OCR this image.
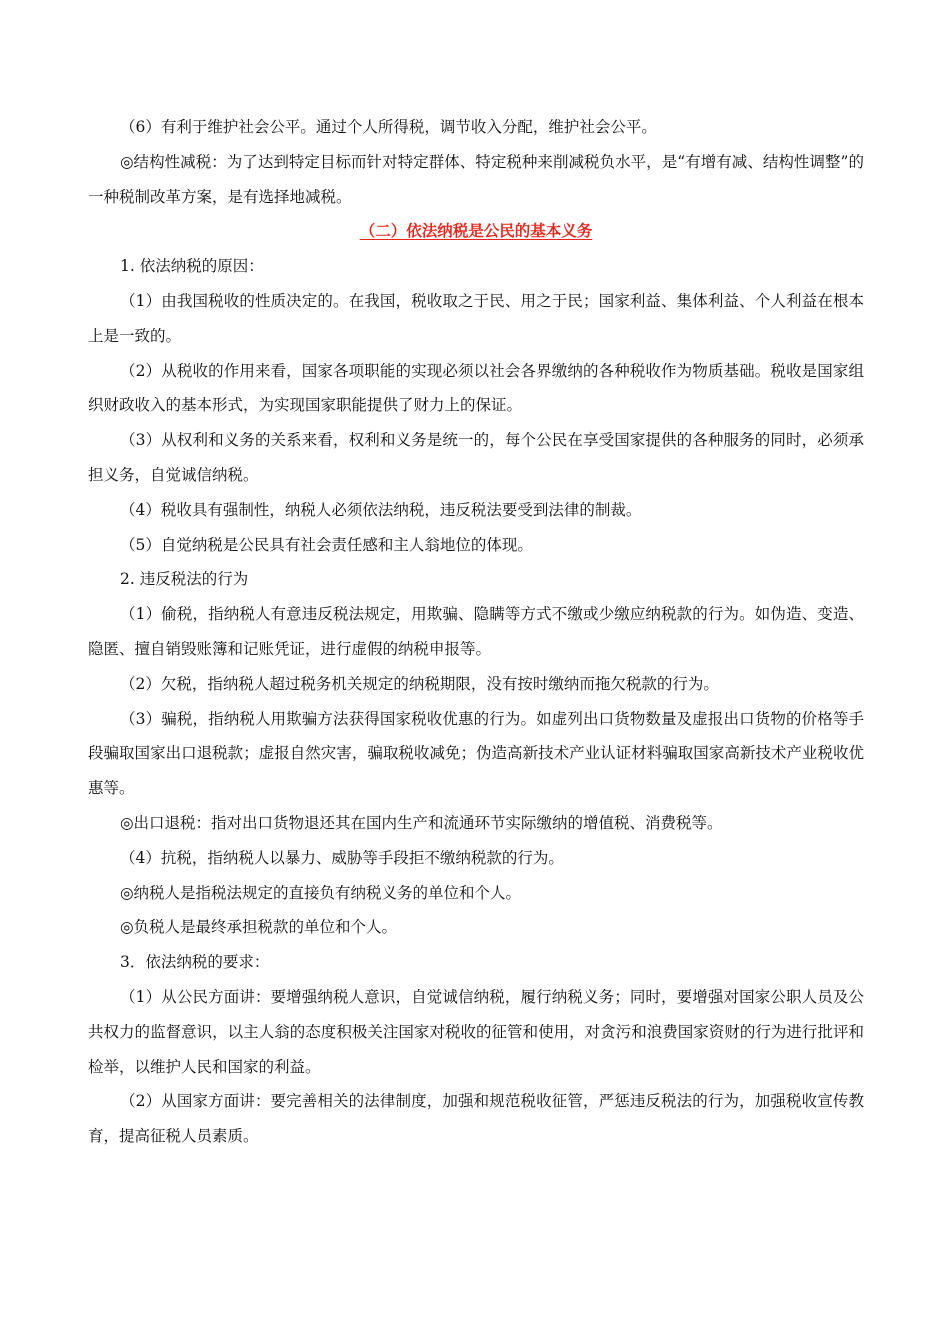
（6）有利于维护社会公平。通过个人所得税，调节收入分配，维护社会公平。

◎结构性减税：为了达到特定目标而针对特定群体、特定税种来削减税负水平，是“有增有减、结构性调整”的一种税制改革方案，是有选择地减税。

（二）依法纳税是公民的基本义务

1. 依法纳税的原因：

（1）由我国税收的性质决定的。在我国，税收取之于民、用之于民；国家利益、集体利益、个人利益在根本上是一致的。

（2）从税收的作用来看，国家各项职能的实现必须以社会各界缴纳的各种税收作为物质基础。税收是国家组织财政收入的基本形式，为实现国家职能提供了财力上的保证。

（3）从权利和义务的关系来看，权利和义务是统一的，每个公民在享受国家提供的各种服务的同时，必须承担义务，自觉诚信纳税。

（4）税收具有强制性，纳税人必须依法纳税，违反税法要受到法律的制裁。

（5）自觉纳税是公民具有社会责任感和主人翁地位的体现。

2. 违反税法的行为

（1）偷税，指纳税人有意违反税法规定，用欺骗、隐瞒等方式不缴或少缴应纳税款的行为。如伪造、变造、隐匿、擅自销毁账簿和记账凭证，进行虚假的纳税申报等。

（2）欠税，指纳税人超过税务机关规定的纳税期限，没有按时缴纳而拖欠税款的行为。

（3）骗税，指纳税人用欺骗方法获得国家税收优惠的行为。如虚列出口货物数量及虚报出口货物的价格等手段骗取国家出口退税款；虚报自然灾害，骗取税收减免；伪造高新技术产业认证材料骗取国家高新技术产业税收优惠等。

◎出口退税：指对出口货物退还其在国内生产和流通环节实际缴纳的增值税、消费税等。

（4）抗税，指纳税人以暴力、威胁等手段拒不缴纳税款的行为。

◎纳税人是指税法规定的直接负有纳税义务的单位和个人。

◎负税人是最终承担税款的单位和个人。

3．依法纳税的要求：

（1）从公民方面讲：要增强纳税人意识，自觉诚信纳税，履行纳税义务；同时，要增强对国家公职人员及公共权力的监督意识，以主人翁的态度积极关注国家对税收的征管和使用，对贪污和浪费国家资财的行为进行批评和检举，以维护人民和国家的利益。

（2）从国家方面讲：要完善相关的法律制度，加强和规范税收征管，严惩违反税法的行为，加强税收宣传教育，提高征税人员素质。
